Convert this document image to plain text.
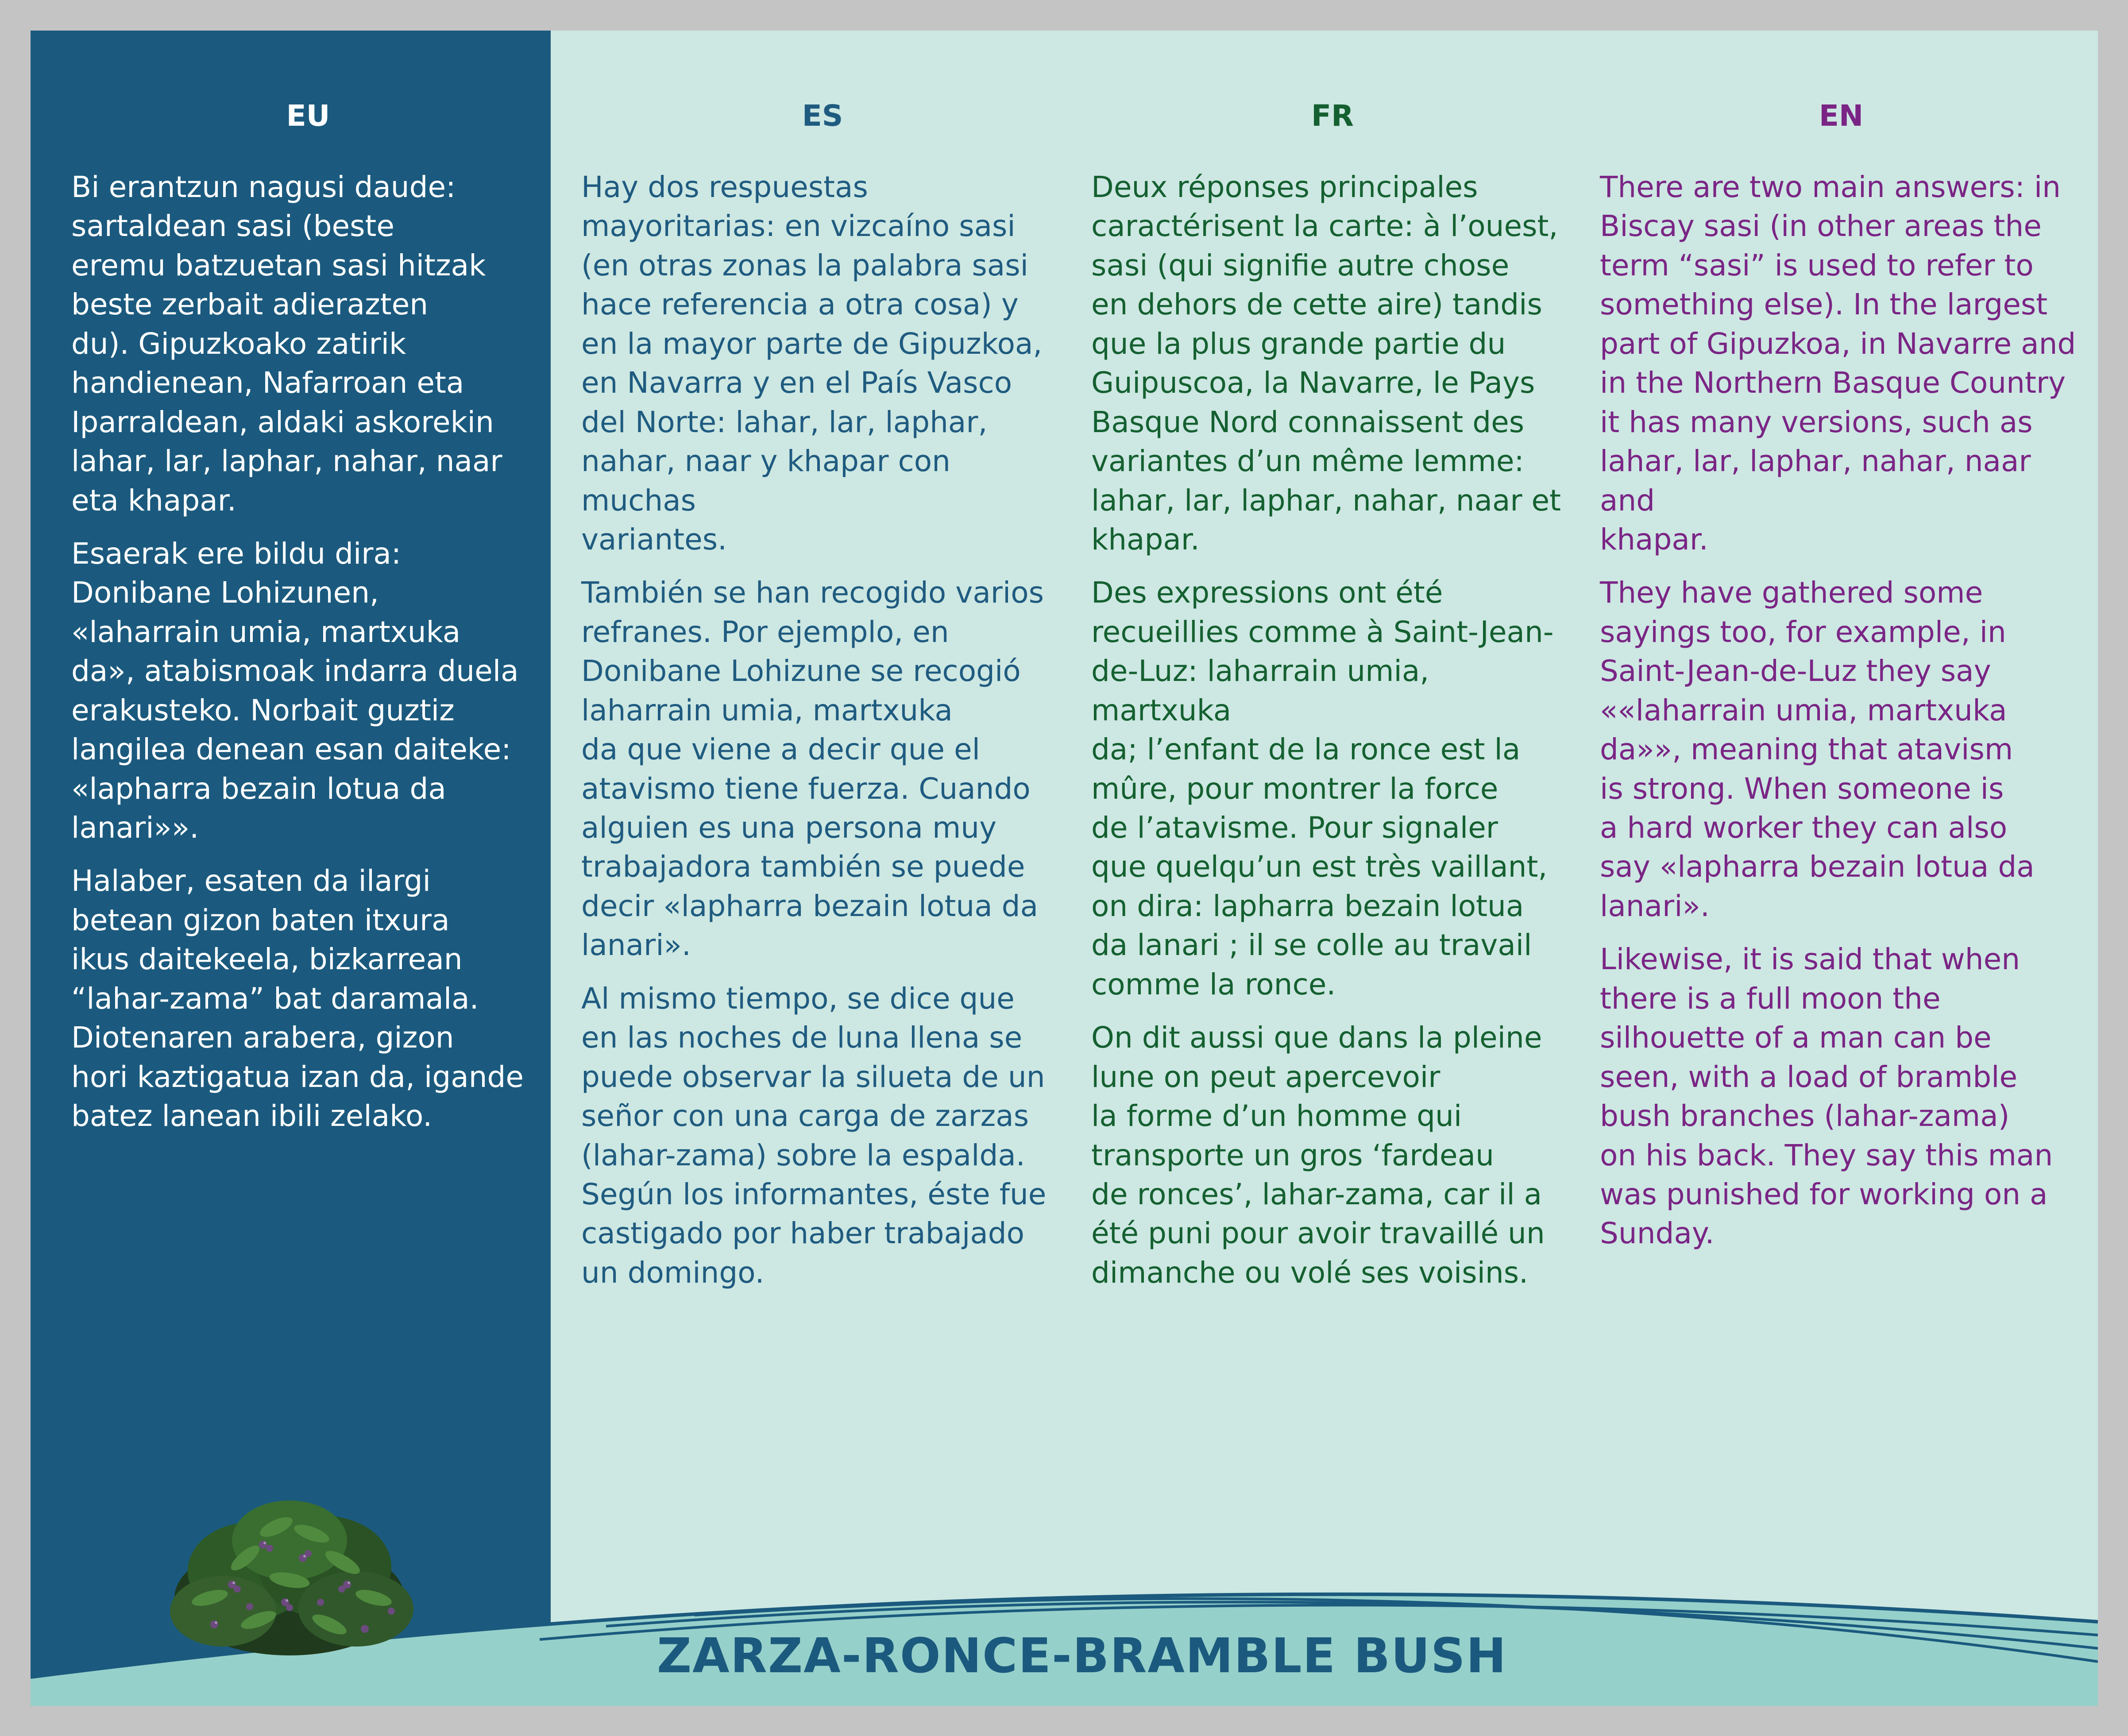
EU

Bi erantzun nagusi daude:
sartaldean sasi (beste
eremu batzuetan sasi hitzak
beste zerbait adierazten
du). Gipuzkoako zatirik
handienean, Nafarroan eta
Iparraldean, aldaki askorekin
lahar, lar, laphar, nahar, naar
eta khapar.

Esaerak ere bildu dira:
Donibane Lohizunen,
«laharrain umia, martxuka
da», atabismoak indarra duela
erakusteko. Norbait guztiz
langilea denean esan daiteke:
«lapharra bezain lotua da
lanari»».

Halaber, esaten da ilargi
betean gizon baten itxura
ikus daitekeela, bizkarrean
“lahar-zama” bat daramala.
Diotenaren arabera, gizon
hori kaztigatua izan da, igande
batez lanean ibili zelako.

ES

Hay dos respuestas
mayoritarias: en vizcaíno sasi
(en otras zonas la palabra sasi
hace referencia a otra cosa) y
en la mayor parte de Gipuzkoa,
en Navarra y en el País Vasco
del Norte: lahar, lar, laphar,
nahar, naar y khapar con muchas
variantes.

También se han recogido varios
refranes. Por ejemplo, en
Donibane Lohizune se recogió
laharrain umia, martxuka
da que viene a decir que el
atavismo tiene fuerza. Cuando
alguien es una persona muy
trabajadora también se puede
decir «lapharra bezain lotua da
lanari».

Al mismo tiempo, se dice que
en las noches de luna llena se
puede observar la silueta de un
señor con una carga de zarzas
(lahar-zama) sobre la espalda.
Según los informantes, éste fue
castigado por haber trabajado
un domingo.

FR

Deux réponses principales
caractérisent la carte: à l’ouest,
sasi (qui signifie autre chose
en dehors de cette aire) tandis
que la plus grande partie du
Guipuscoa, la Navarre, le Pays
Basque Nord connaissent des
variantes d’un même lemme:
lahar, lar, laphar, nahar, naar et
khapar.

Des expressions ont été
recueillies comme à Saint-Jean-
de-Luz: laharrain umia, martxuka
da; l’enfant de la ronce est la
mûre, pour montrer la force
de l’atavisme. Pour signaler
que quelqu’un est très vaillant,
on dira: lapharra bezain lotua
da lanari ; il se colle au travail
comme la ronce.

On dit aussi que dans la pleine
lune on peut apercevoir
la forme d’un homme qui
transporte un gros ‘fardeau
de ronces’, lahar-zama, car il a
été puni pour avoir travaillé un
dimanche ou volé ses voisins.

EN

There are two main answers: in
Biscay sasi (in other areas the
term “sasi” is used to refer to
something else). In the largest
part of Gipuzkoa, in Navarre and
in the Northern Basque Country
it has many versions, such as
lahar, lar, laphar, nahar, naar and
khapar.

They have gathered some
sayings too, for example, in
Saint-Jean-de-Luz they say
««laharrain umia, martxuka
da»», meaning that atavism
is strong. When someone is
a hard worker they can also
say «lapharra bezain lotua da
lanari».

Likewise, it is said that when
there is a full moon the
silhouette of a man can be
seen, with a load of bramble
bush branches (lahar-zama)
on his back. They say this man
was punished for working on a
Sunday.

ZARZA-RONCE-BRAMBLE BUSH
